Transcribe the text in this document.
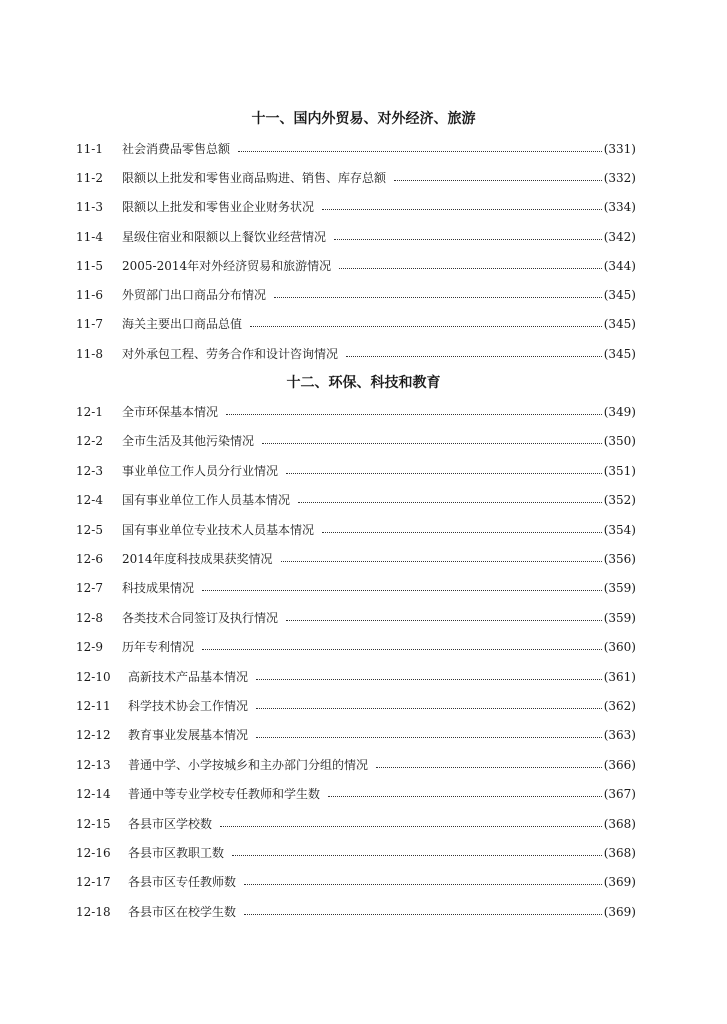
十一、国内外贸易、对外经济、旅游
11-1	社会消费品零售总额	(331)
11-2	限额以上批发和零售业商品购进、销售、库存总额	(332)
11-3	限额以上批发和零售业企业财务状况	(334)
11-4	星级住宿业和限额以上餐饮业经营情况	(342)
11-5	2005-2014年对外经济贸易和旅游情况	(344)
11-6	外贸部门出口商品分布情况	(345)
11-7	海关主要出口商品总值	(345)
11-8	对外承包工程、劳务合作和设计咨询情况	(345)
十二、环保、科技和教育
12-1	全市环保基本情况	(349)
12-2	全市生活及其他污染情况	(350)
12-3	事业单位工作人员分行业情况	(351)
12-4	国有事业单位工作人员基本情况	(352)
12-5	国有事业单位专业技术人员基本情况	(354)
12-6	2014年度科技成果获奖情况	(356)
12-7	科技成果情况	(359)
12-8	各类技术合同签订及执行情况	(359)
12-9	历年专利情况	(360)
12-10	高新技术产品基本情况	(361)
12-11	科学技术协会工作情况	(362)
12-12	教育事业发展基本情况	(363)
12-13	普通中学、小学按城乡和主办部门分组的情况	(366)
12-14	普通中等专业学校专任教师和学生数	(367)
12-15	各县市区学校数	(368)
12-16	各县市区教职工数	(368)
12-17	各县市区专任教师数	(369)
12-18	各县市区在校学生数	(369)
